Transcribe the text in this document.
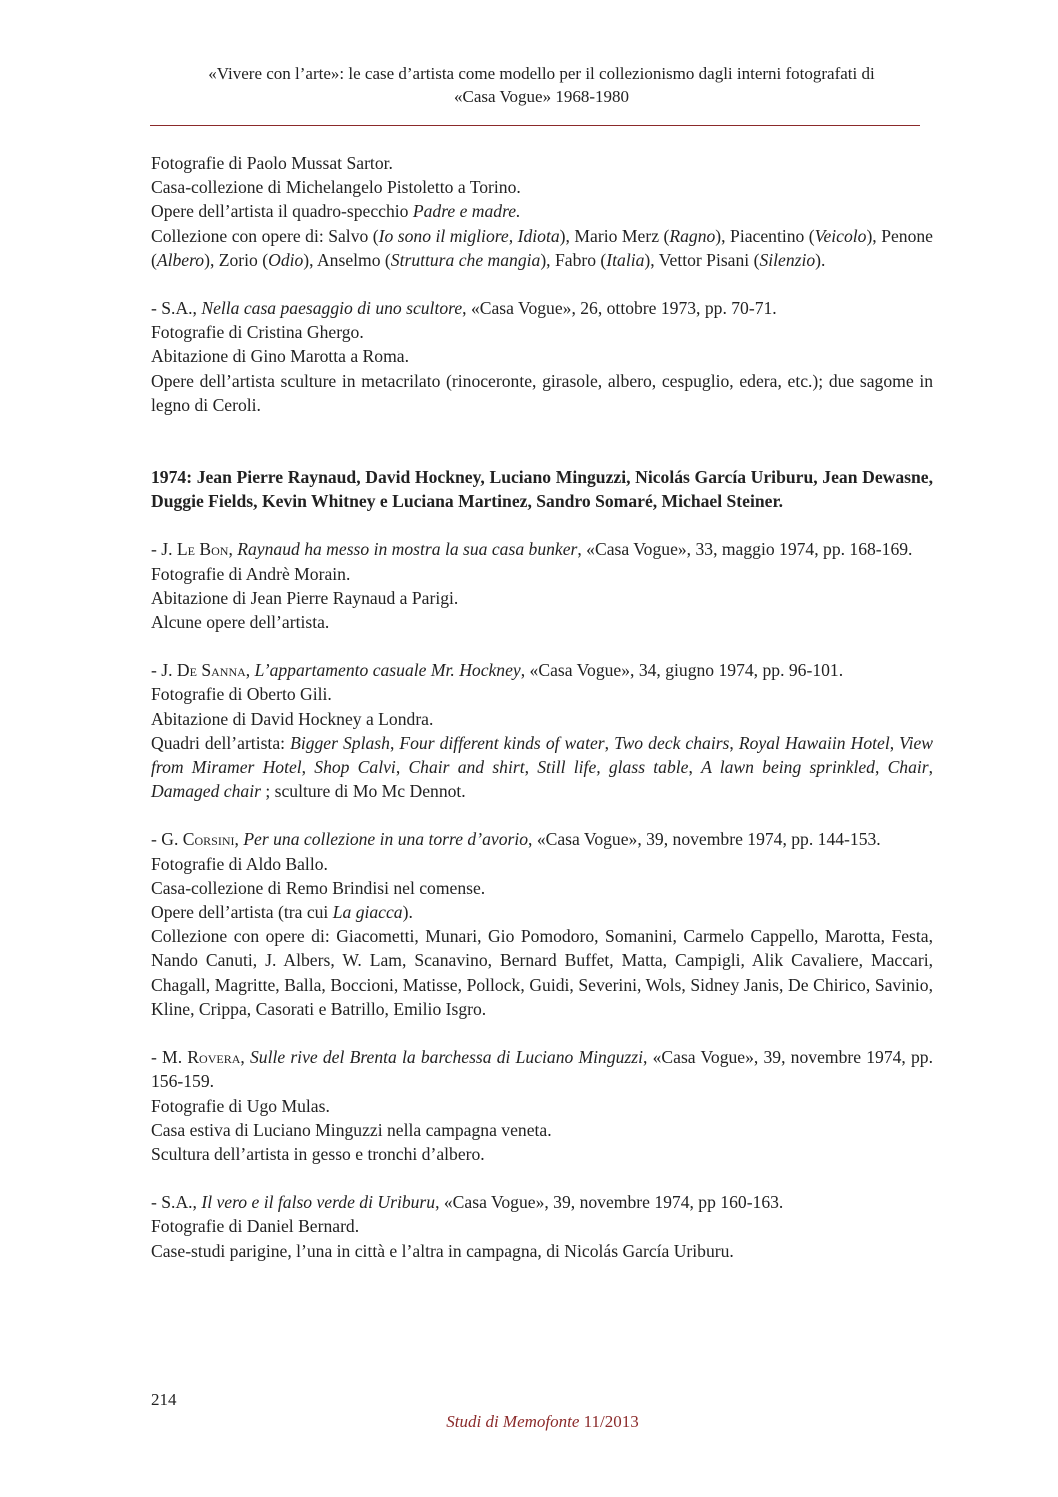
«Vivere con l’arte»: le case d’artista come modello per il collezionismo dagli interni fotografati di
«Casa Vogue» 1968-1980

Fotografie di Paolo Mussat Sartor.

Casa-collezione di Michelangelo Pistoletto a Torino.

Opere dell’artista il quadro-specchio Padre e madre.

Collezione con opere di: Salvo (Io sono il migliore, Idiota), Mario Merz (Ragno), Piacentino (Veicolo), Penone (Albero), Zorio (Odio), Anselmo (Struttura che mangia), Fabro (Italia), Vettor Pisani (Silenzio).

- S.A., Nella casa paesaggio di uno scultore, «Casa Vogue», 26, ottobre 1973, pp. 70-71.

Fotografie di Cristina Ghergo.

Abitazione di Gino Marotta a Roma.

Opere dell’artista sculture in metacrilato (rinoceronte, girasole, albero, cespuglio, edera, etc.); due sagome in legno di Ceroli.

1974: Jean Pierre Raynaud, David Hockney, Luciano Minguzzi, Nicolás García Uriburu, Jean Dewasne, Duggie Fields, Kevin Whitney e Luciana Martinez, Sandro Somaré, Michael Steiner.

- J. Le Bon, Raynaud ha messo in mostra la sua casa bunker, «Casa Vogue», 33, maggio 1974, pp. 168-169.

Fotografie di Andrè Morain.

Abitazione di Jean Pierre Raynaud a Parigi.

Alcune opere dell’artista.

- J. De Sanna, L’appartamento casuale Mr. Hockney, «Casa Vogue», 34, giugno 1974, pp. 96-101.

Fotografie di Oberto Gili.

Abitazione di David Hockney a Londra.

Quadri dell’artista: Bigger Splash, Four different kinds of water, Two deck chairs, Royal Hawaiin Hotel, View from Miramer Hotel, Shop Calvi, Chair and shirt, Still life, glass table, A lawn being sprinkled, Chair, Damaged chair ; sculture di Mo Mc Dennot.

- G. Corsini, Per una collezione in una torre d’avorio, «Casa Vogue», 39, novembre 1974, pp. 144-153.

Fotografie di Aldo Ballo.

Casa-collezione di Remo Brindisi nel comense.

Opere dell’artista (tra cui La giacca).

Collezione con opere di: Giacometti, Munari, Gio Pomodoro, Somanini, Carmelo Cappello, Marotta, Festa, Nando Canuti, J. Albers, W. Lam, Scanavino, Bernard Buffet, Matta, Campigli, Alik Cavaliere, Maccari, Chagall, Magritte, Balla, Boccioni, Matisse, Pollock, Guidi, Severini, Wols, Sidney Janis, De Chirico, Savinio, Kline, Crippa, Casorati e Batrillo, Emilio Isgro.

- M. Rovera, Sulle rive del Brenta la barchessa di Luciano Minguzzi, «Casa Vogue», 39, novembre 1974, pp. 156-159.

Fotografie di Ugo Mulas.

Casa estiva di Luciano Minguzzi nella campagna veneta.

Scultura dell’artista in gesso e tronchi d’albero.

- S.A., Il vero e il falso verde di Uriburu, «Casa Vogue», 39, novembre 1974, pp 160-163.

Fotografie di Daniel Bernard.

Case-studi parigine, l’una in città e l’altra in campagna, di Nicolás García Uriburu.

214
Studi di Memofonte 11/2013
